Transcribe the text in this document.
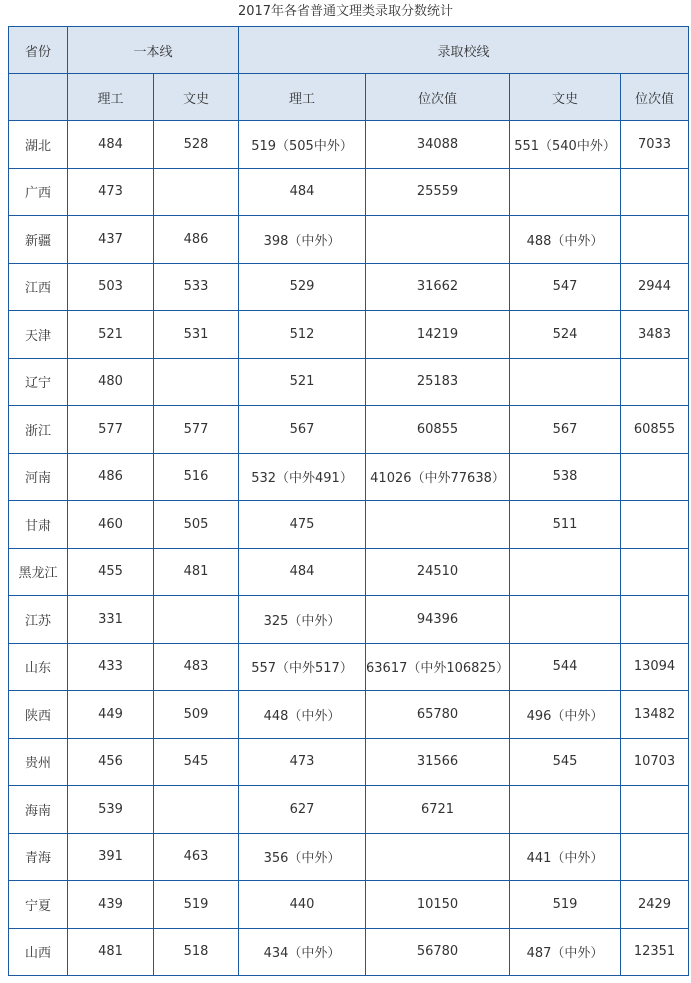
2017年各省普通文理类录取分数统计
省份	一本线		录取校线			
	理工	文史	理工	位次值	文史	位次值
湖北	484	528	519（505中外）	34088	551（540中外）	7033
广西	473		484	25559		
新疆	437	486	398（中外）		488（中外）	
江西	503	533	529	31662	547	2944
天津	521	531	512	14219	524	3483
辽宁	480		521	25183		
浙江	577	577	567	60855	567	60855
河南	486	516	532（中外491）	41026（中外77638）	538	
甘肃	460	505	475		511	
黑龙江	455	481	484	24510		
江苏	331		325（中外）	94396		
山东	433	483	557（中外517）	63617（中外106825）	544	13094
陕西	449	509	448（中外）	65780	496（中外）	13482
贵州	456	545	473	31566	545	10703
海南	539		627	6721		
青海	391	463	356（中外）		441（中外）	
宁夏	439	519	440	10150	519	2429
山西	481	518	434（中外）	56780	487（中外）	12351
